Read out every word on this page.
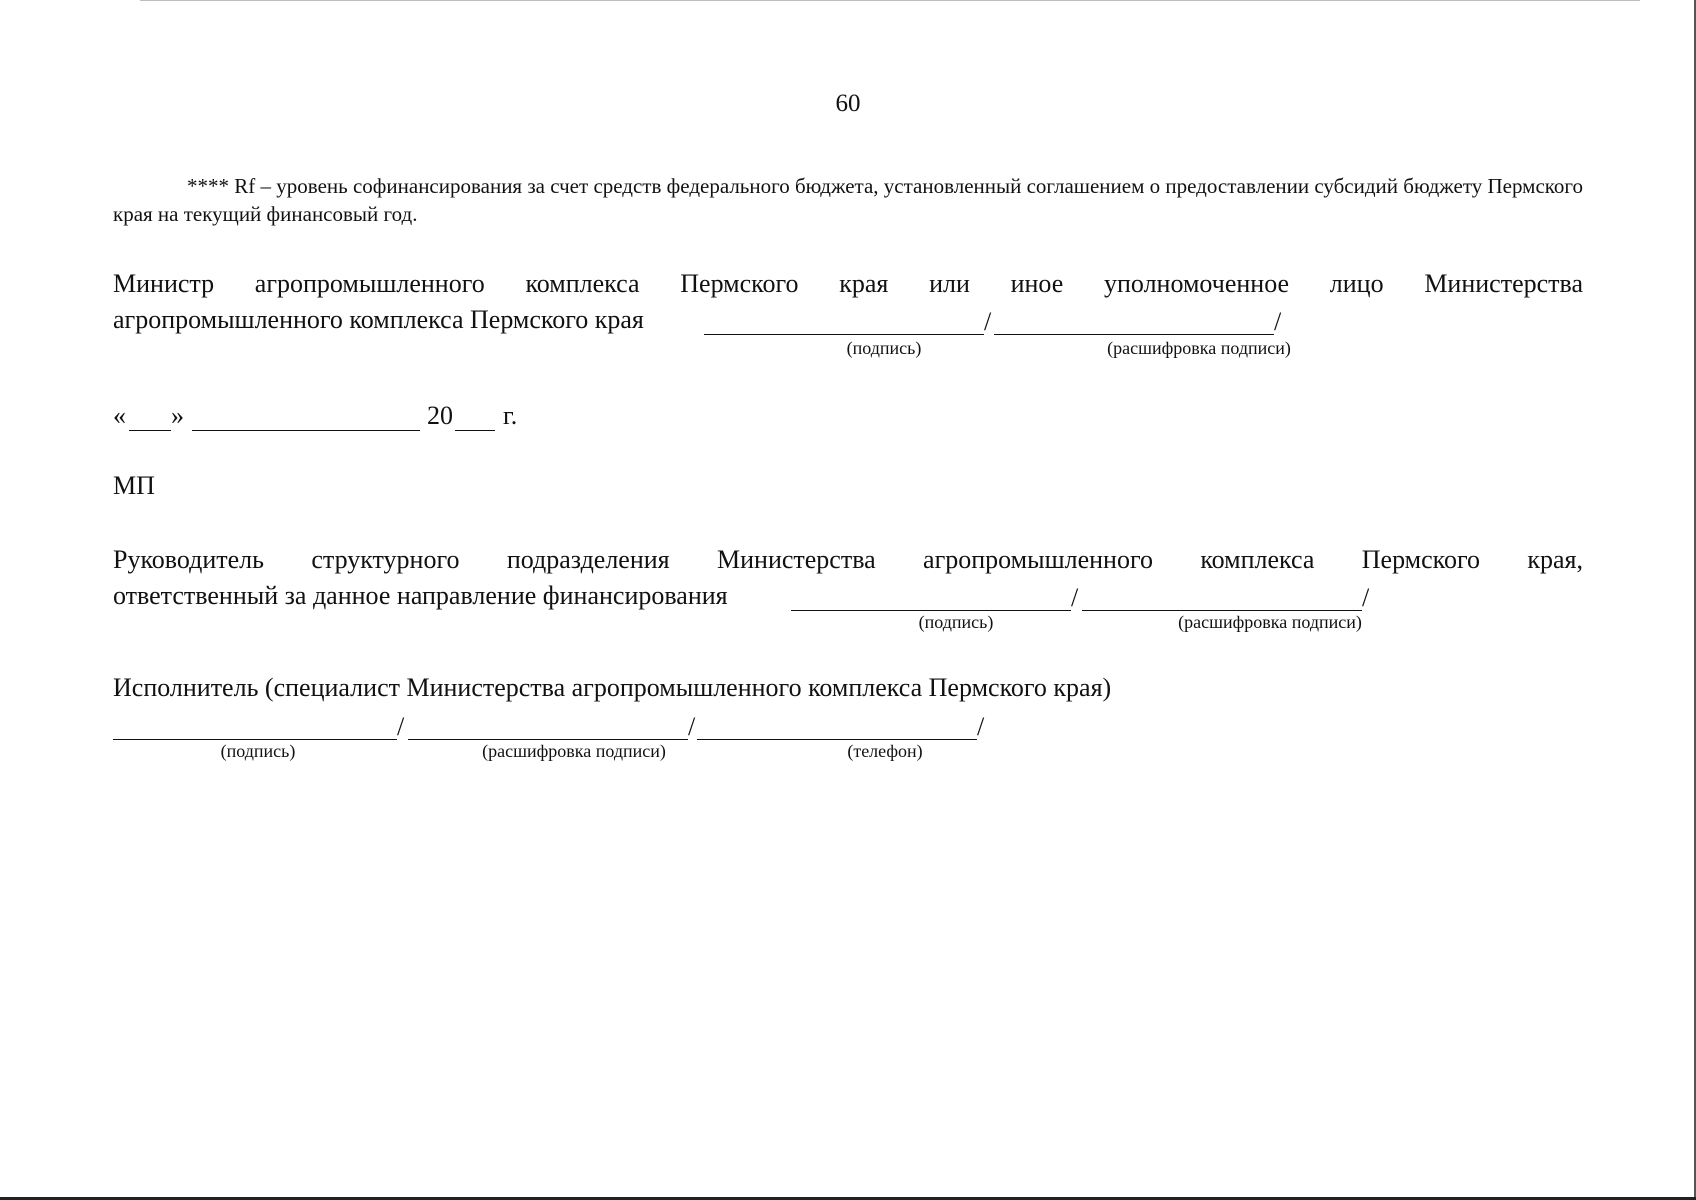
60
**** Rf – уровень софинансирования за счет средств федерального бюджета, установленный соглашением о предоставлении субсидий бюджету Пермского края на текущий финансовый год.
Министр агропромышленного комплекса Пермского края или иное уполномоченное лицо Министерства
агропромышленного комплекса Пермского края	/	/
(подпись)	(расшифровка подписи)
« »	20 г.
МП
Руководитель структурного подразделения Министерства агропромышленного комплекса Пермского края,
ответственный за данное направление финансирования	/	/
(подпись)	(расшифровка подписи)
Исполнитель (специалист Министерства агропромышленного комплекса Пермского края)
/	/	/
(подпись)	(расшифровка подписи)	(телефон)
